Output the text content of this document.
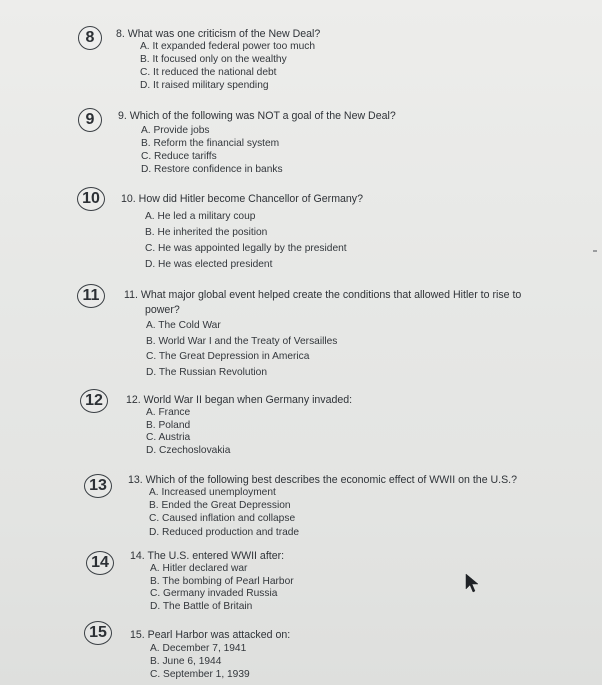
8	8. What was one criticism of the New Deal?
A. It expanded federal power too much
B. It focused only on the wealthy
C. It reduced the national debt
D. It raised military spending
9	9. Which of the following was NOT a goal of the New Deal?
A. Provide jobs
B. Reform the financial system
C. Reduce tariffs
D. Restore confidence in banks
10	10. How did Hitler become Chancellor of Germany?
A. He led a military coup
B. He inherited the position
C. He was appointed legally by the president
D. He was elected president
11	11. What major global event helped create the conditions that allowed Hitler to rise to
power?
A. The Cold War
B. World War I and the Treaty of Versailles
C. The Great Depression in America
D. The Russian Revolution
12	12. World War II began when Germany invaded:
A. France
B. Poland
C. Austria
D. Czechoslovakia
13	13. Which of the following best describes the economic effect of WWII on the U.S.?
A. Increased unemployment
B. Ended the Great Depression
C. Caused inflation and collapse
D. Reduced production and trade
14	14. The U.S. entered WWII after:
A. Hitler declared war
B. The bombing of Pearl Harbor
C. Germany invaded Russia
D. The Battle of Britain
15	15. Pearl Harbor was attacked on:
A. December 7, 1941
B. June 6, 1944
C. September 1, 1939
